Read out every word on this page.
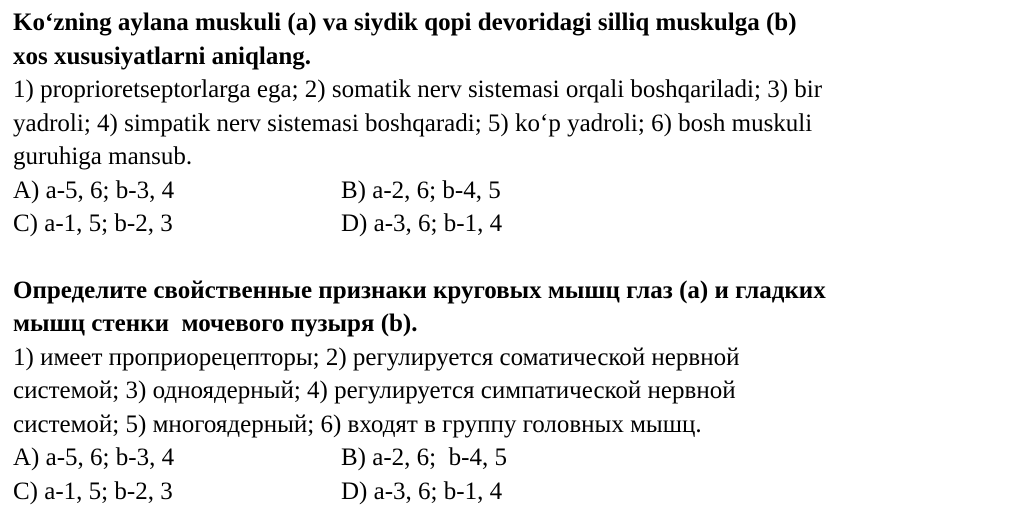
Koʻzning aylana muskuli (a) va siydik qopi devoridagi silliq muskulga (b)
xos xususiyatlarni aniqlang.
1) proprioretseptorlarga ega; 2) somatik nerv sistemasi orqali boshqariladi; 3) bir
yadroli; 4) simpatik nerv sistemasi boshqaradi; 5) koʻp yadroli; 6) bosh muskuli
guruhiga mansub.
A) a-5, 6; b-3, 4	B) a-2, 6; b-4, 5
C) a-1, 5; b-2, 3	D) a-3, 6; b-1, 4
Определите свойственные признаки круговых мышц глаз (а) и гладких
мышц стенки  мочевого пузыря (b).
1) имеет проприорецепторы; 2) регулируется соматической нервной
системой; 3) одноядерный; 4) регулируется симпатической нервной
системой; 5) многоядерный; 6) входят в группу головных мышц.
A) a-5, 6; b-3, 4	B) a-2, 6;  b-4, 5
C) a-1, 5; b-2, 3	D) a-3, 6; b-1, 4
